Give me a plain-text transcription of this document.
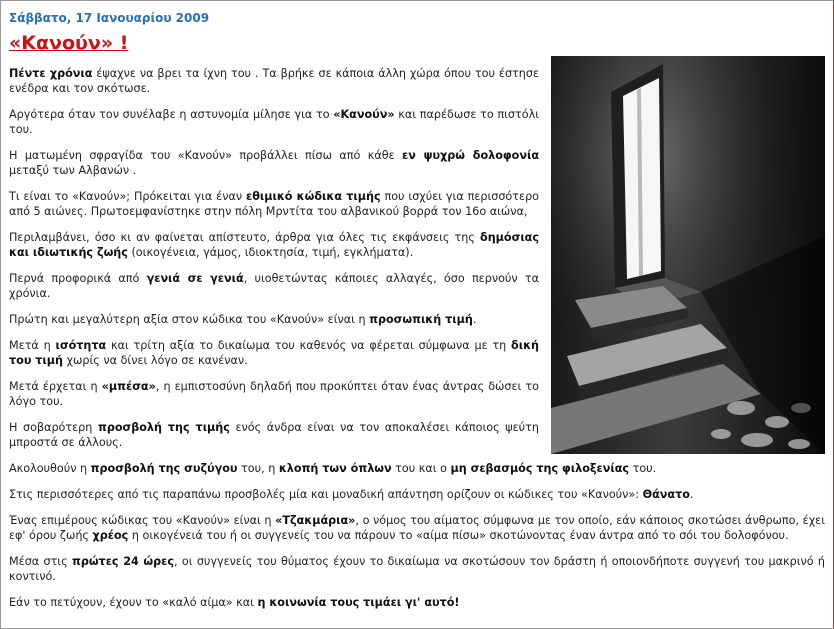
Σάββατο, 17 Ιανουαρίου 2009
«Κανούν» !

Πέντε χρόνια έψαχνε να βρει τα ίχνη του . Τα βρήκε σε κάποια άλλη χώρα όπου του έστησε ενέδρα και τον σκότωσε.

Αργότερα όταν τον συνέλαβε η αστυνομία μίλησε για το «Κανούν» και παρέδωσε το πιστόλι του.

Η ματωμένη σφραγίδα του «Κανούν» προβάλλει πίσω από κάθε εν ψυχρώ δολοφονία μεταξύ των Αλβανών .

Τι είναι το «Κανούν»; Πρόκειται για έναν εθιμικό κώδικα τιμής που ισχύει για περισσότερο από 5 αιώνες. Πρωτοεμφανίστηκε στην πόλη Μρντίτα του αλβανικού βορρά τον 16ο αιώνα,

Περιλαμβάνει, όσο κι αν φαίνεται απίστευτο, άρθρα για όλες τις εκφάνσεις της δημόσιας και ιδιωτικής ζωής (οικογένεια, γάμος, ιδιοκτησία, τιμή, εγκλήματα).

Περνά προφορικά από γενιά σε γενιά, υιοθετώντας κάποιες αλλαγές, όσο περνούν τα χρόνια.

Πρώτη και μεγαλύτερη αξία στον κώδικα του «Κανούν» είναι η προσωπική τιμή.

Μετά η ισότητα και τρίτη αξία το δικαίωμα του καθενός να φέρεται σύμφωνα με τη δική του τιμή χωρίς να δίνει λόγο σε κανέναν.

Μετά έρχεται η «μπέσα», η εμπιστοσύνη δηλαδή που προκύπτει όταν ένας άντρας δώσει το λόγο του.

Η σοβαρότερη προσβολή της τιμής ενός άνδρα είναι να τον αποκαλέσει κάποιος ψεύτη μπροστά σε άλλους.

Ακολουθούν η προσβολή της συζύγου του, η κλοπή των όπλων του και ο μη σεβασμός της φιλοξενίας του.

Στις περισσότερες από τις παραπάνω προσβολές μία και μοναδική απάντηση ορίζουν οι κώδικες του «Κανούν»: Θάνατο.

Ένας επιμέρους κώδικας του «Κανούν» είναι η «Τζακμάρια», ο νόμος του αίματος σύμφωνα με τον οποίο, εάν κάποιος σκοτώσει άνθρωπο, έχει εφ' όρου ζωής χρέος η οικογένειά του ή οι συγγενείς του να πάρουν το «αίμα πίσω» σκοτώνοντας έναν άντρα από το σόι του δολοφόνου.

Μέσα στις πρώτες 24 ώρες, οι συγγενείς του θύματος έχουν το δικαίωμα να σκοτώσουν τον δράστη ή οποιονδήποτε συγγενή του μακρινό ή κοντινό.

Εάν το πετύχουν, έχουν το «καλό αίμα» και η κοινωνία τους τιμάει γι' αυτό!
